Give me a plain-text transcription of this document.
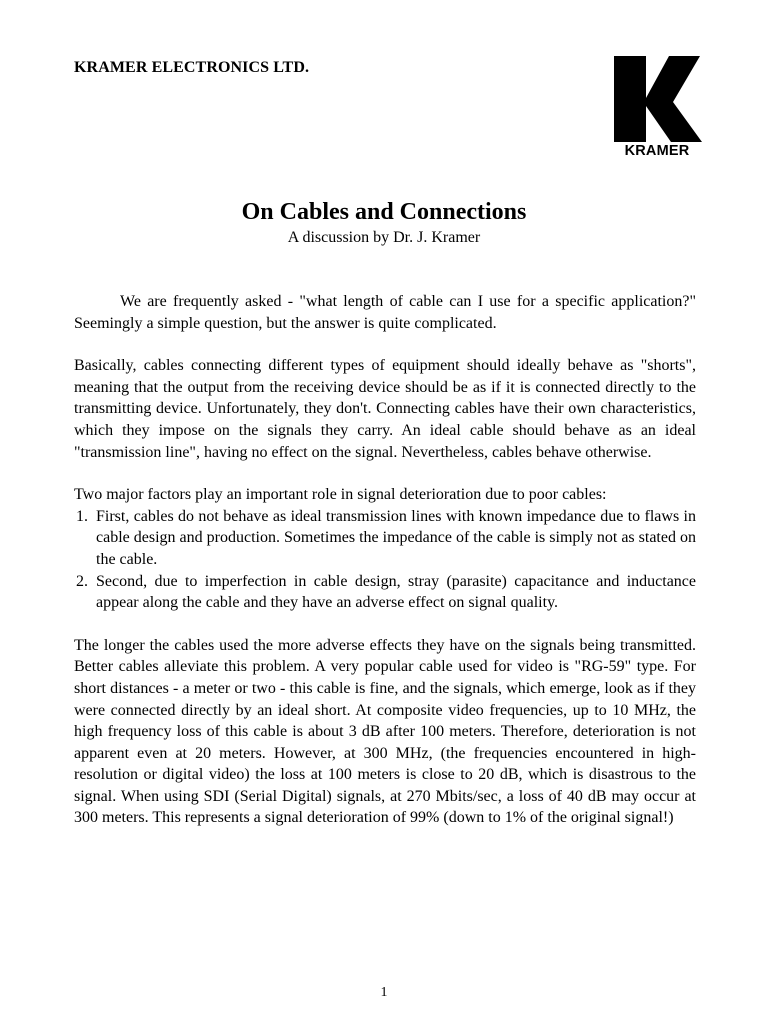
KRAMER ELECTRONICS LTD.
KRAMER
On Cables and Connections
A discussion by Dr. J. Kramer

We are frequently asked - "what length of cable can I use for a specific application?" Seemingly a simple question, but the answer is quite complicated.

Basically, cables connecting different types of equipment should ideally behave as "shorts", meaning that the output from the receiving device should be as if it is connected directly to the transmitting device. Unfortunately, they don't. Connecting cables have their own characteristics, which they impose on the signals they carry. An ideal cable should behave as an ideal "transmission line", having no effect on the signal. Nevertheless, cables behave otherwise.

Two major factors play an important role in signal deterioration due to poor cables:

1. First, cables do not behave as ideal transmission lines with known impedance due to flaws in cable design and production. Sometimes the impedance of the cable is simply not as stated on the cable.
2. Second, due to imperfection in cable design, stray (parasite) capacitance and inductance appear along the cable and they have an adverse effect on signal quality.

The longer the cables used the more adverse effects they have on the signals being transmitted. Better cables alleviate this problem. A very popular cable used for video is "RG-59" type. For short distances - a meter or two - this cable is fine, and the signals, which emerge, look as if they were connected directly by an ideal short. At composite video frequencies, up to 10 MHz, the high frequency loss of this cable is about 3 dB after 100 meters. Therefore, deterioration is not apparent even at 20 meters. However, at 300 MHz, (the frequencies encountered in high-resolution or digital video) the loss at 100 meters is close to 20 dB, which is disastrous to the signal. When using SDI (Serial Digital) signals, at 270 Mbits/sec, a loss of 40 dB may occur at 300 meters. This represents a signal deterioration of 99% (down to 1% of the original signal!)

1
